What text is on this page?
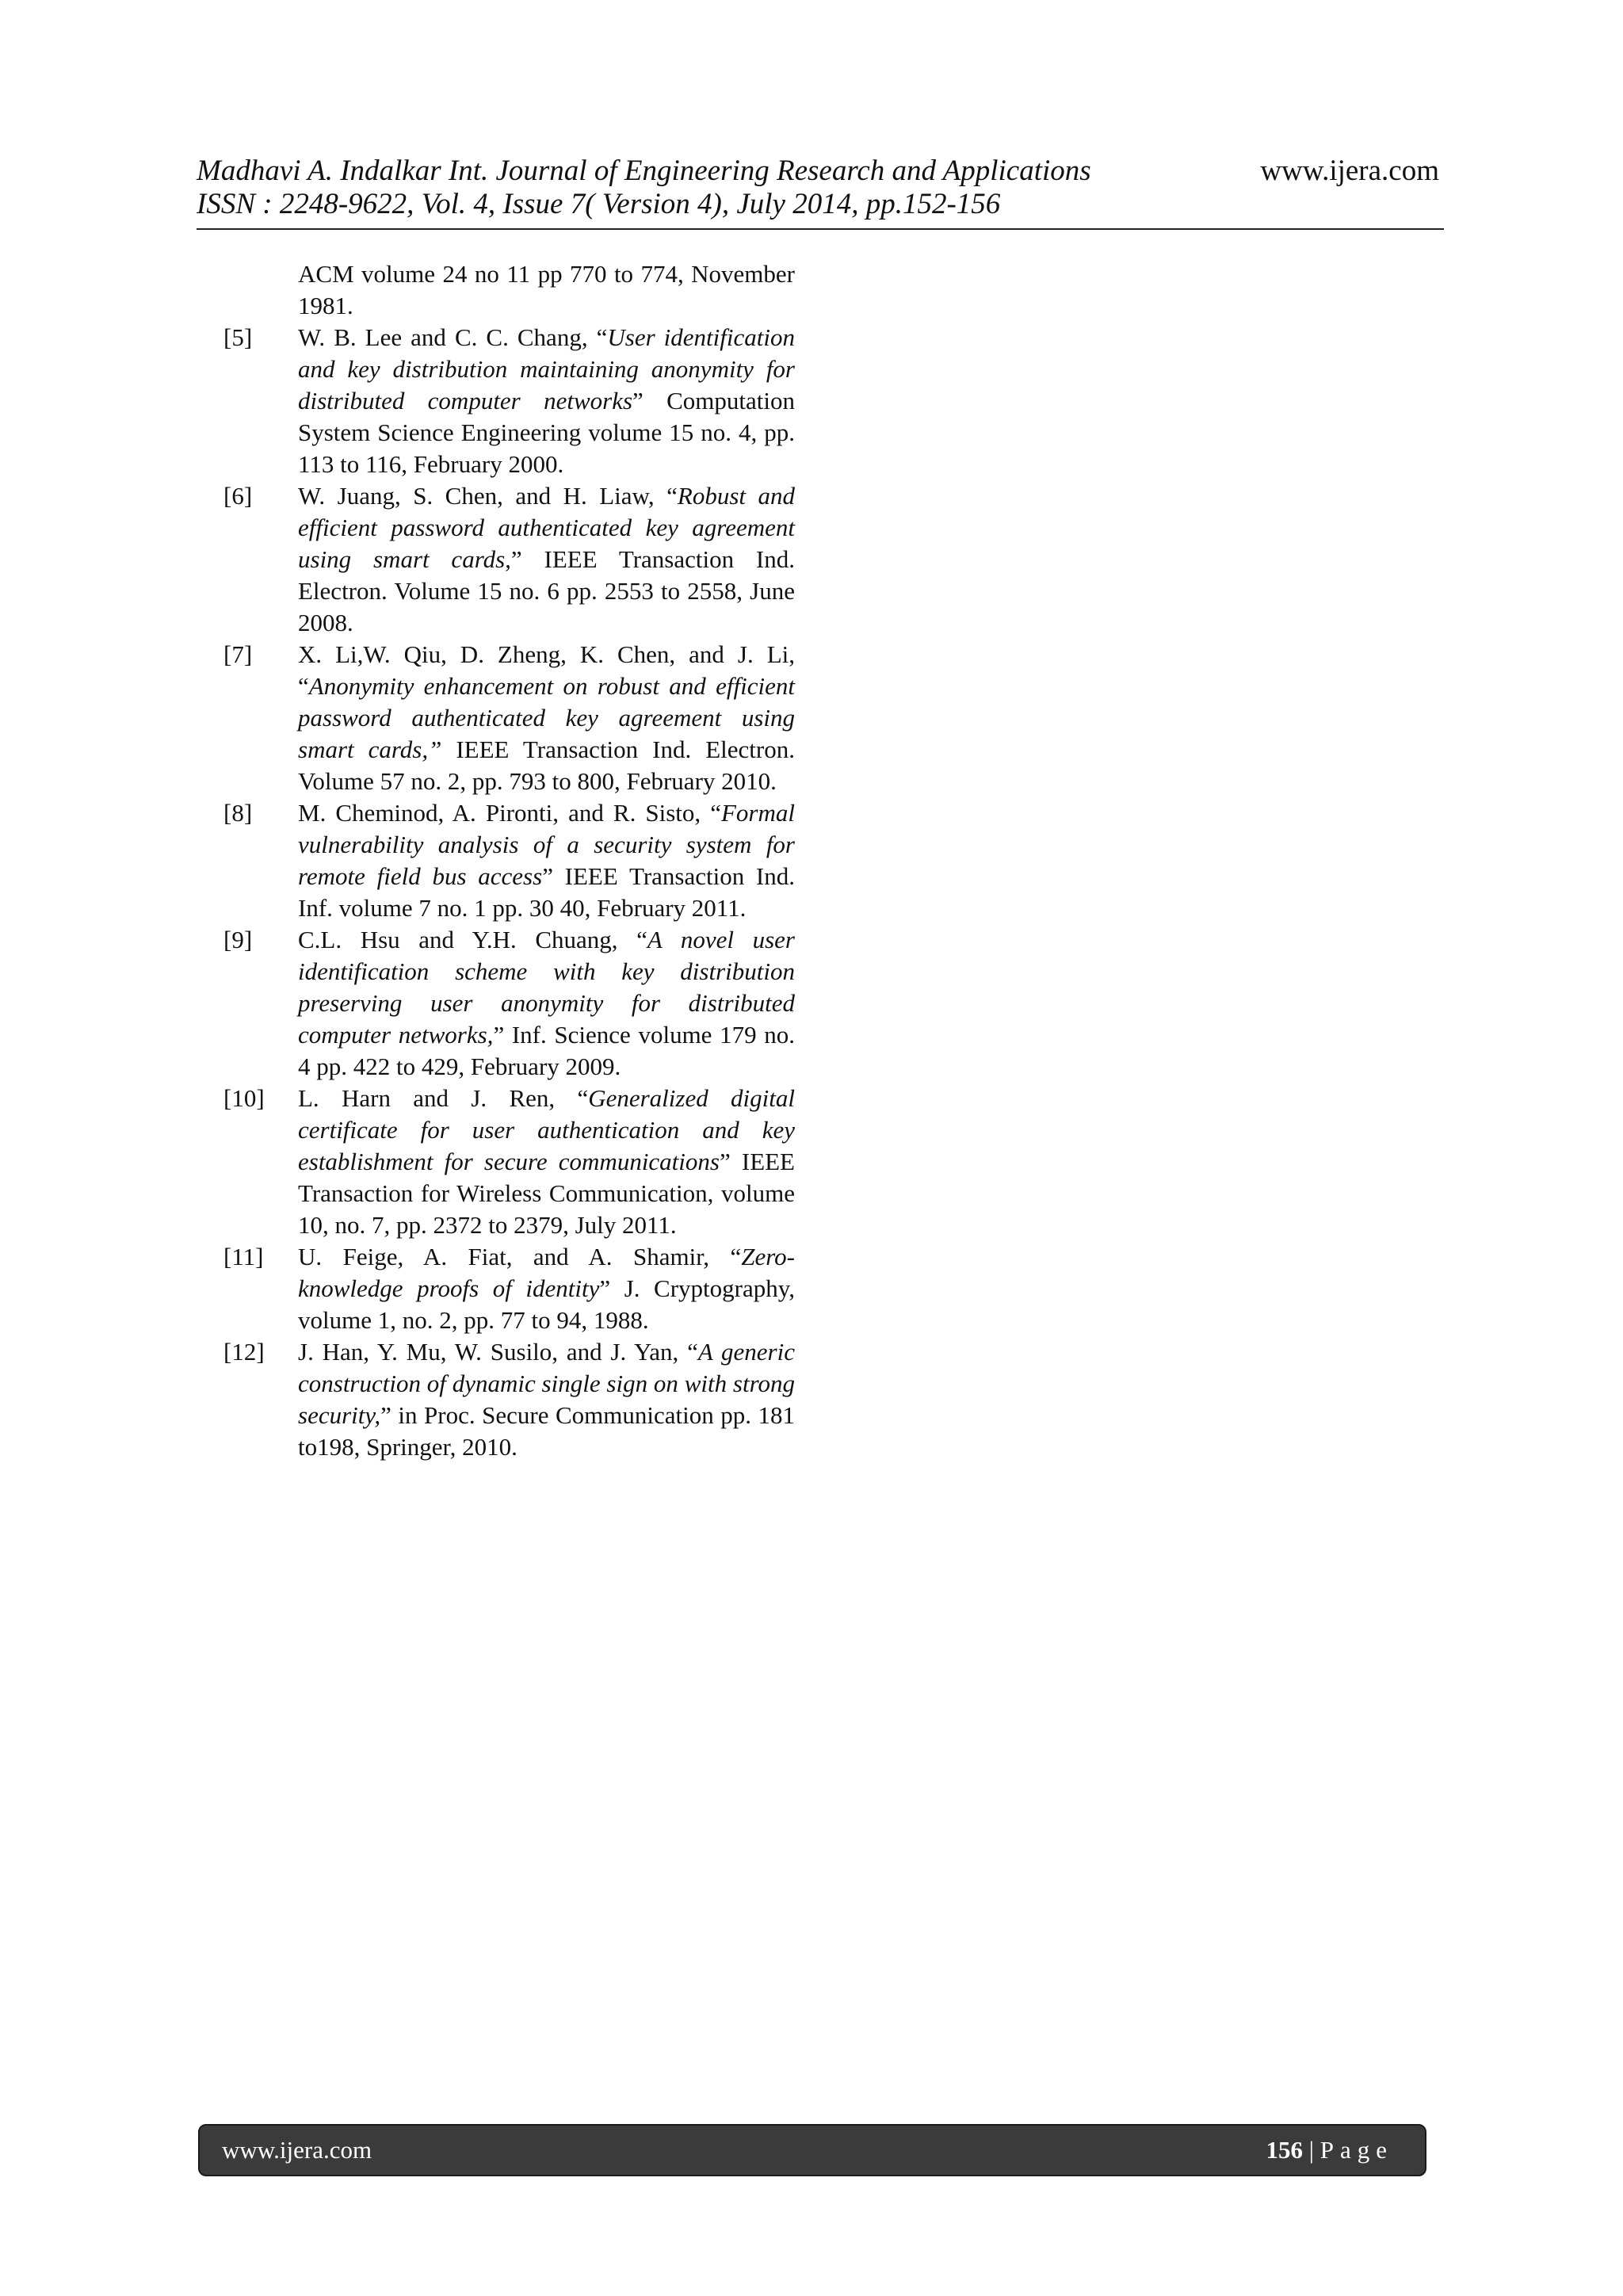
Madhavi A. Indalkar Int. Journal of Engineering Research and Applications
ISSN : 2248-9622, Vol. 4, Issue 7( Version 4), July 2014, pp.152-156
www.ijera.com
ACM volume 24 no 11 pp 770 to 774, November 1981.
[5]	W. B. Lee and C. C. Chang, “User identification and key distribution maintaining anonymity for distributed computer networks” Computation System Science Engineering volume 15 no. 4, pp. 113 to 116, February 2000.
[6]	W. Juang, S. Chen, and H. Liaw, “Robust and efficient password authenticated key agreement using smart cards,” IEEE Transaction Ind. Electron. Volume 15 no. 6 pp. 2553 to 2558, June 2008.
[7]	X. Li,W. Qiu, D. Zheng, K. Chen, and J. Li, “Anonymity enhancement on robust and efficient password authenticated key agreement using smart cards,” IEEE Transaction Ind. Electron. Volume 57 no. 2, pp. 793 to 800, February 2010.
[8]	M. Cheminod, A. Pironti, and R. Sisto, “Formal vulnerability analysis of a security system for remote field bus access” IEEE Transaction Ind. Inf. volume 7 no. 1 pp. 30 40, February 2011.
[9]	C.L. Hsu and Y.H. Chuang, “A novel user identification scheme with key distribution preserving user anonymity for distributed computer networks,” Inf. Science volume 179 no. 4 pp. 422 to 429, February 2009.
[10]	L. Harn and J. Ren, “Generalized digital certificate for user authentication and key establishment for secure communications” IEEE Transaction for Wireless Communication, volume 10, no. 7, pp. 2372 to 2379, July 2011.
[11]	U. Feige, A. Fiat, and A. Shamir, “Zero-knowledge proofs of identity” J. Cryptography, volume 1, no. 2, pp. 77 to 94, 1988.
[12]	J. Han, Y. Mu, W. Susilo, and J. Yan, “A generic construction of dynamic single sign on with strong security,” in Proc. Secure Communication pp. 181 to198, Springer, 2010.
www.ijera.com	156 | Page
